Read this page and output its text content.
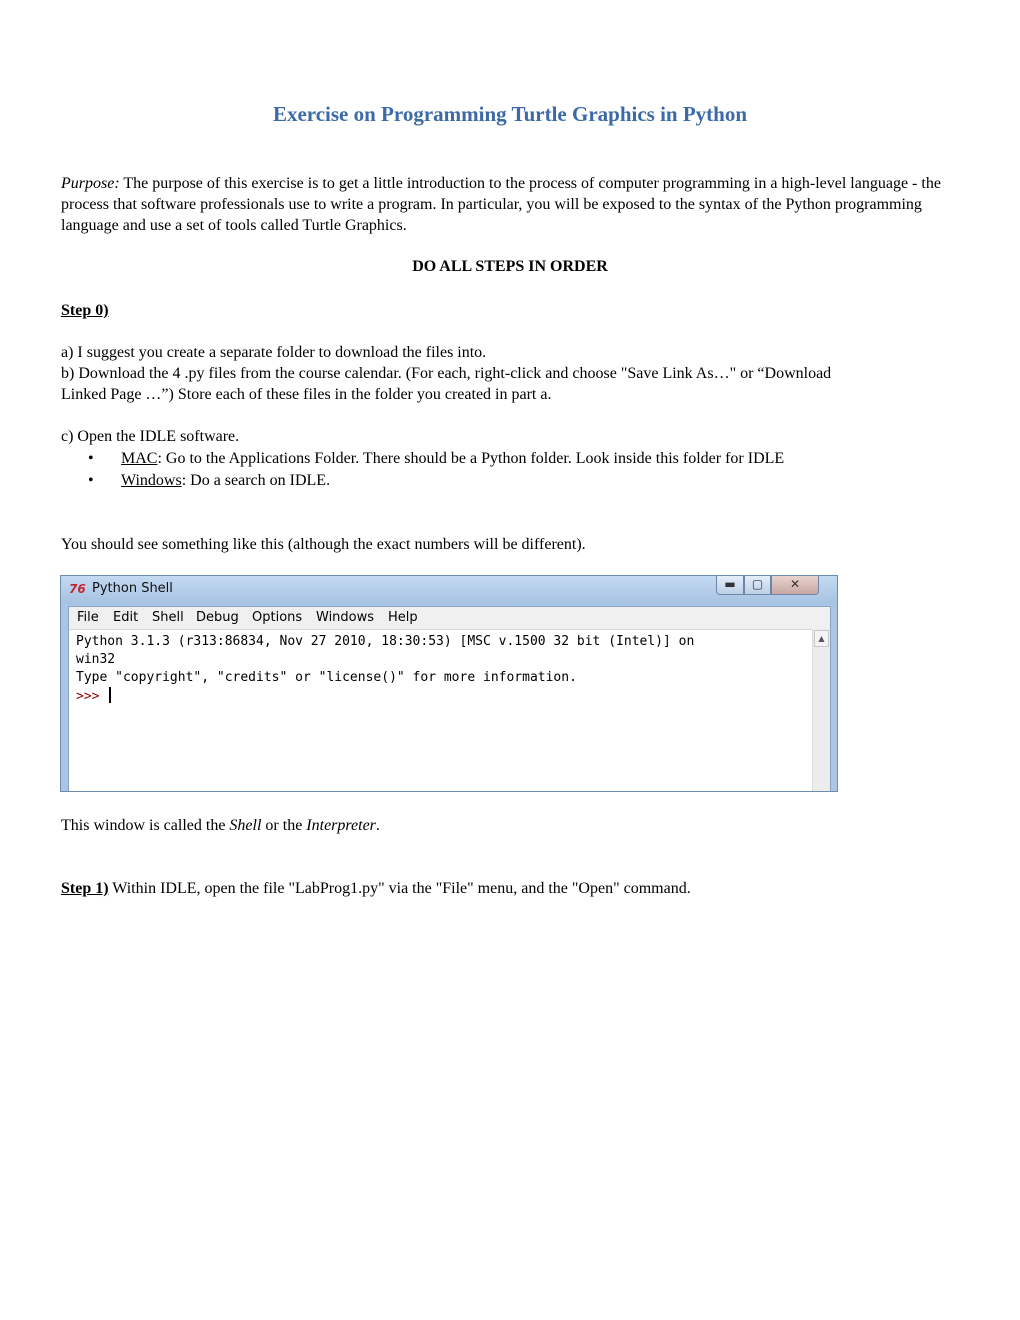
Exercise on Programming Turtle Graphics in Python
Purpose: The purpose of this exercise is to get a little introduction to the process of computer programming in a high-level language - the process that software professionals use to write a program. In particular, you will be exposed to the syntax of the Python programming language and use a set of tools called Turtle Graphics.
DO ALL STEPS IN ORDER
Step 0)
a) I suggest you create a separate folder to download the files into.
b) Download the 4 .py files from the course calendar. (For each, right-click and choose "Save Link As…" or “Download
Linked Page …”) Store each of these files in the folder you created in part a.
c) Open the IDLE software.
• MAC: Go to the Applications Folder. There should be a Python folder. Look inside this folder for IDLE
• Windows: Do a search on IDLE.
You should see something like this (although the exact numbers will be different).
76 Python Shell	▬	▢	✕
File Edit Shell Debug Options Windows Help
Python 3.1.3 (r313:86834, Nov 27 2010, 18:30:53) [MSC v.1500 32 bit (Intel)] on
win32
Type "copyright", "credits" or "license()" for more information.
>>>
▲
This window is called the Shell or the Interpreter.
Step 1) Within IDLE, open the file "LabProg1.py" via the "File" menu, and the "Open" command.
